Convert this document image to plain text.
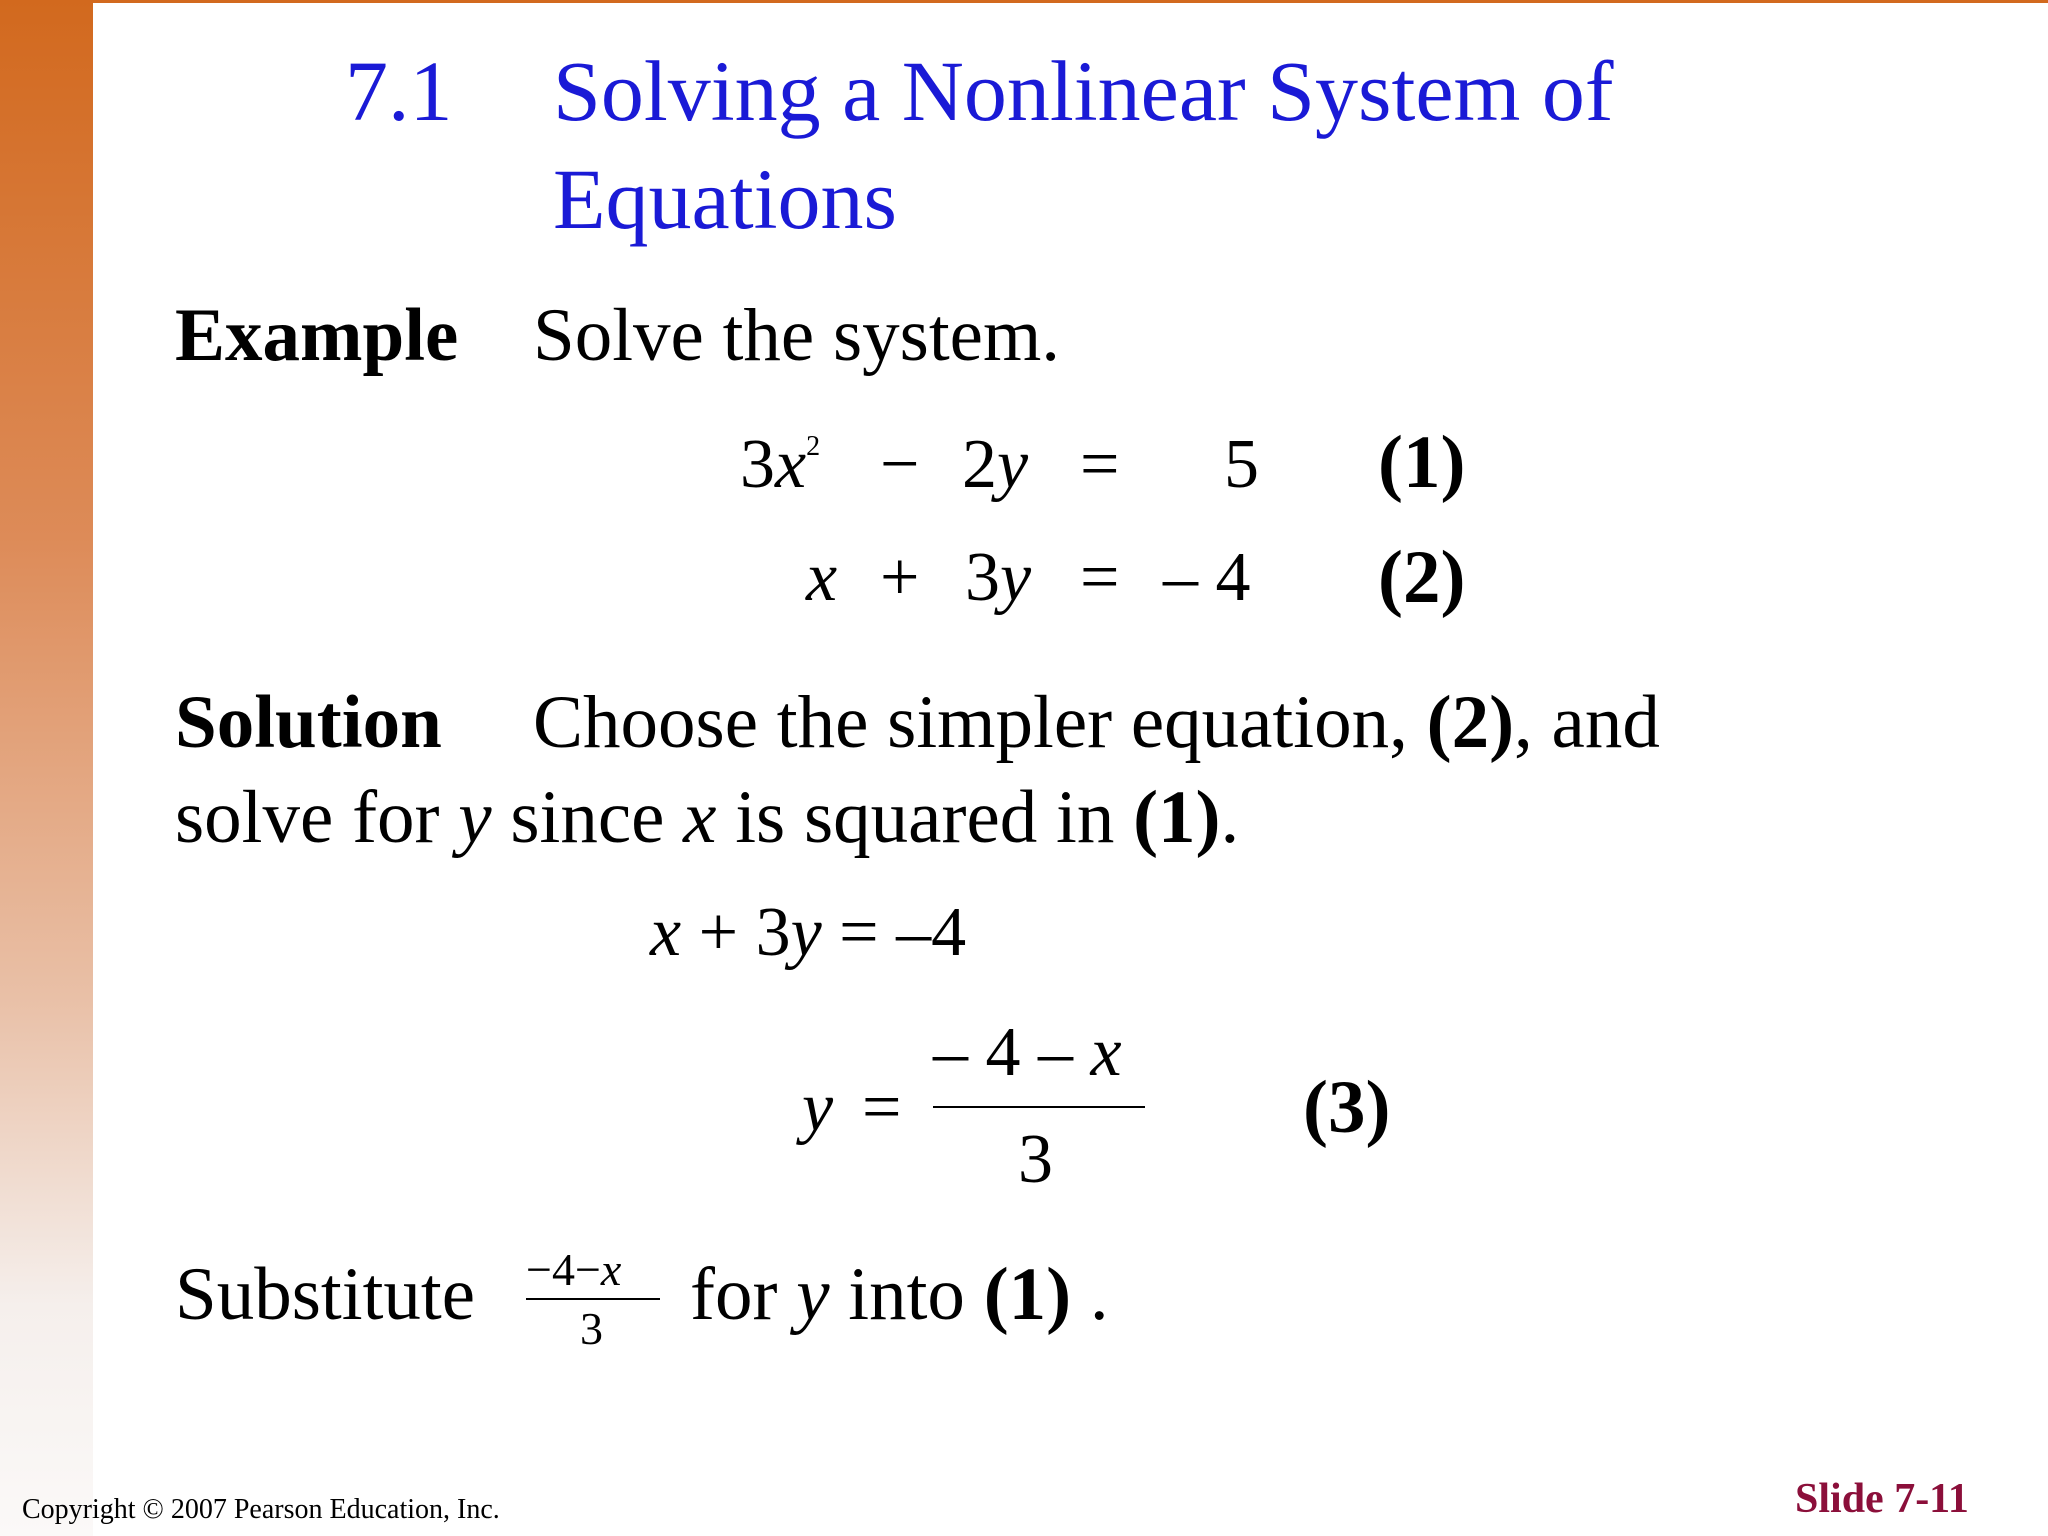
7.1 Solving a Nonlinear System of
Equations
Example Solve the system.
$3x^2 - 2y = 5$ (1)
x + 3y = – 4 (2)
Solution Choose the simpler equation, (2), and
solve for y since x is squared in (1).
x + 3y = –4
y =
– 4 – x
3
(3)
Substitute −4−x
3 for y into (1) .
Copyright © 2007 Pearson Education, Inc.	Slide 7-11
